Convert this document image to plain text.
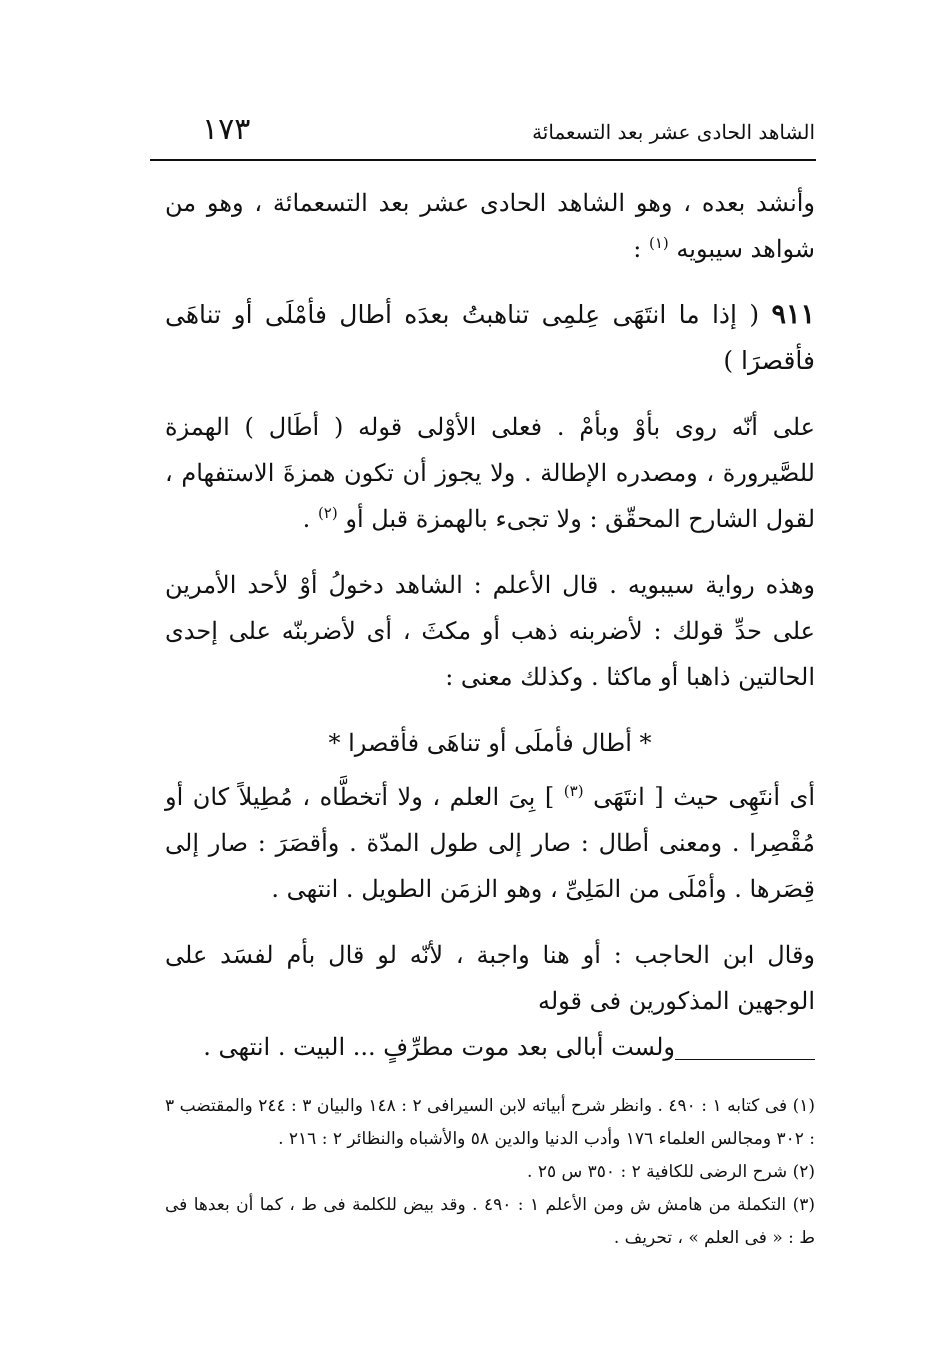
الشاهد الحادى عشر بعد التسعمائة
١٧٣

وأنشد بعده ، وهو الشاهد الحادى عشر بعد التسعمائة ، وهو من شواهد سيبويه $^{(١)}$ :

٩١١ ( إذا ما انتَهَى عِلمِى تناهبتُ بعدَه أطال فأمْلَى أو تناهَى فأقصرَا )

على أنّه روى بأوْ وبأمْ . فعلى الأوْلى قوله ( أطَال ) الهمزة للصَّيرورة ، ومصدره الإطالة . ولا يجوز أن تكون همزةَ الاستفهام ، لقول الشارح المحقّق : ولا تجىء بالهمزة قبل أو $^{(٢)}$ .

وهذه رواية سيبويه . قال الأعلم : الشاهد دخولُ أوْ لأحد الأمرين على حدِّ قولك : لأضربنه ذهب أو مكثَ ، أى لأضربنّه على إحدى الحالتين ذاهبا أو ماكثا . وكذلك معنى :

* أطال فأملَى أو تناهَى فأقصرا *

أى أنتَهِى حيث [ انتَهَى $^{(٣)}$ ] بِىَ العلم ، ولا أتخطَّاه ، مُطِيلاً كان أو مُقْصِرا . ومعنى أطال : صار إلى طول المدّة . وأقصَرَ : صار إلى قِصَرها . وأمْلَى من المَلِىِّ ، وهو الزمَن الطويل . انتهى .

وقال ابن الحاجب : أو هنا واجبة ، لأنّه لو قال بأم لفسَد على الوجهين المذكورين فى قوله

ولست أبالى بعد موت مطرِّفٍ ... البيت . انتهى .

(١) فى كتابه ١ : ٤٩٠ . وانظر شرح أبياته لابن السيرافى ٢ : ١٤٨ والبيان ٣ : ٢٤٤ والمقتضب ٣ : ٣٠٢ ومجالس العلماء ١٧٦ وأدب الدنيا والدين ٥٨ والأشباه والنظائر ٢ : ٢١٦ .

(٢) شرح الرضى للكافية ٢ : ٣٥٠ س ٢٥ .

(٣) التكملة من هامش ش ومن الأعلم ١ : ٤٩٠ . وقد بيض للكلمة فى ط ، كما أن بعدها فى ط : « فى العلم » ، تحريف .
